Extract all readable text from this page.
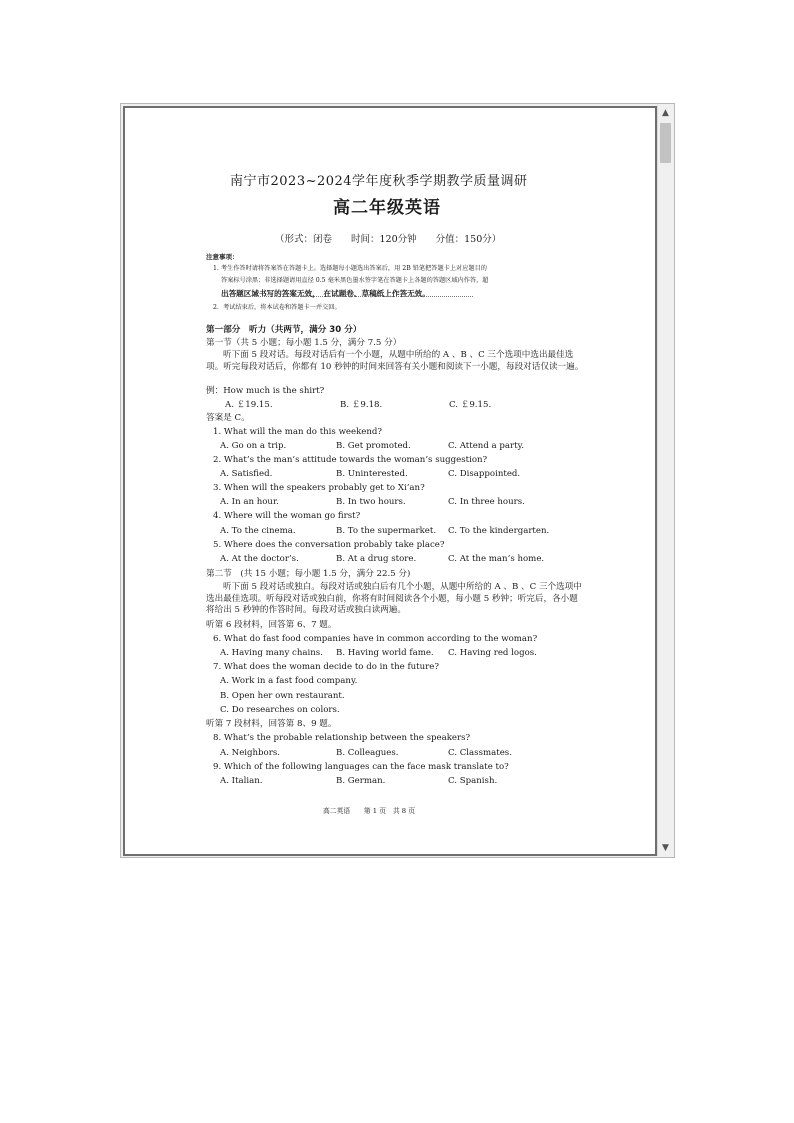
南宁市2023~2024学年度秋季学期教学质量调研
高二年级英语
（形式：闭卷　　时间：120分钟　　分值：150分）
注意事项：
1. 考生作答时请将答案答在答题卡上。选择题每小题选出答案后，用 2B 铅笔把答题卡上对应题目的
答案标号涂黑；非选择题请用直径 0.5 毫米黑色墨水签字笔在答题卡上各题的答题区域内作答，超
出答题区域书写的答案无效，　在试题卷、草稿纸上作答无效。
2．考试结束后，将本试卷和答题卡一并交回。
第一部分　听力（共两节，满分 30 分）
第一节（共 5 小题；每小题 1.5 分，满分 7.5 分）
听下面 5 段对话。每段对话后有一个小题，从题中所给的 A 、B 、C 三个选项中选出最佳选项。听完每段对话后，你都有 10 秒钟的时间来回答有关小题和阅读下一小题，每段对话仅读一遍。
例：How much is the shirt?
A. ￡19.15.	B. ￡9.18.	C. ￡9.15.
答案是 C。
1. What will the man do this weekend?
A. Go on a trip.	B. Get promoted.	C. Attend a party.
2. What’s the man’s attitude towards the woman’s suggestion?
A. Satisfied.	B. Uninterested.	C. Disappointed.
3. When will the speakers probably get to Xi’an?
A. In an hour.	B. In two hours.	C. In three hours.
4. Where will the woman go first?
A. To the cinema.	B. To the supermarket. C. To the kindergarten.
5. Where does the conversation probably take place?
A. At the doctor’s.	B. At a drug store.	C. At the man’s home.
第二节　(共 15 小题；每小题 1.5 分，满分 22.5 分)
听下面 5 段对话或独白。每段对话或独白后有几个小题，从题中所给的 A 、B 、C 三个选项中选出最佳选项。听每段对话或独白前，你将有时间阅读各个小题，每小题 5 秒钟；听完后，各小题将给出 5 秒钟的作答时间。每段对话或独白读两遍。
听第 6 段材料，回答第 6、7 题。
6. What do fast food companies have in common according to the woman?
A. Having many chains. B. Having world fame. C. Having red logos.
7. What does the woman decide to do in the future?
A. Work in a fast food company.
B. Open her own restaurant.
C. Do researches on colors.
听第 7 段材料，回答第 8、9 题。
8. What’s the probable relationship between the speakers?
A. Neighbors.	B. Colleagues.	C. Classmates.
9. Which of the following languages can the face mask translate to?
A. Italian.	B. German.	C. Spanish.
高二英语　　第 1 页　共 8 页
▲
▼
